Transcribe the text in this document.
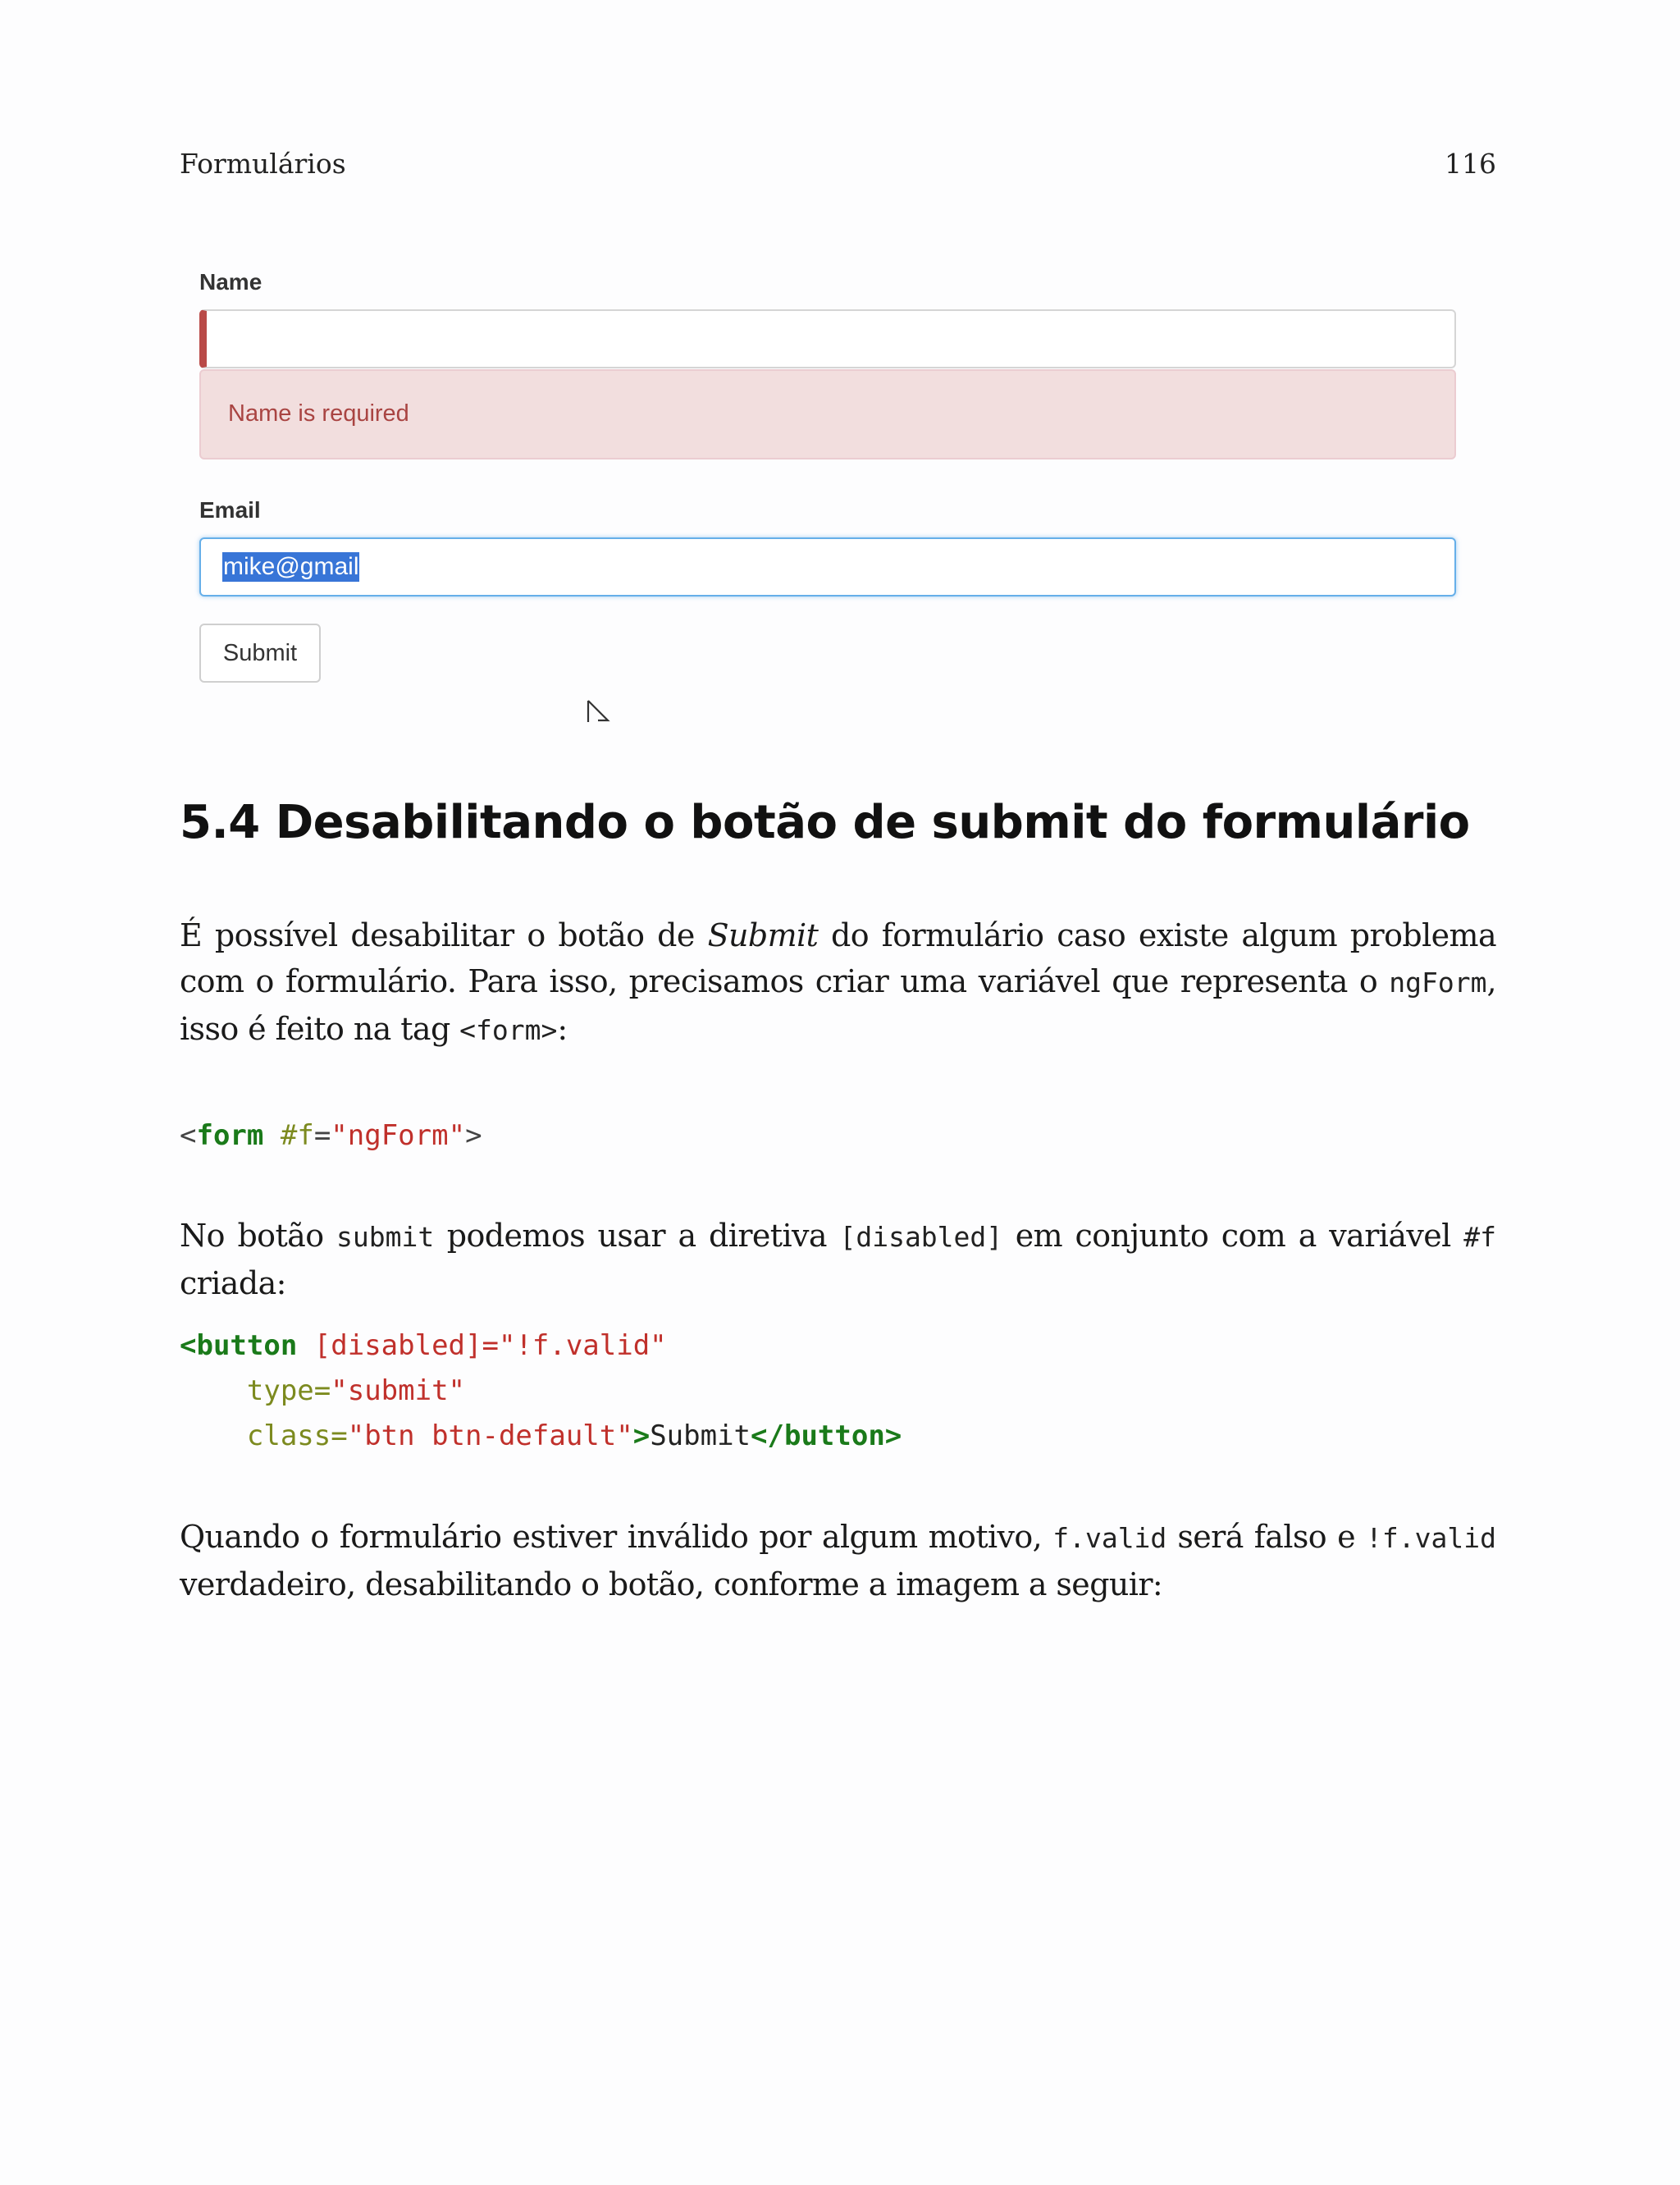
Formulários	116
Name
Name is required
Email
mike@gmail
Submit
5.4 Desabilitando o botão de submit do formulário

É possível desabilitar o botão de Submit do formulário caso existe algum problema com o formulário. Para isso, precisamos criar uma variável que representa o ngForm, isso é feito na tag <form>:

<form #f="ngForm">

No botão submit podemos usar a diretiva [disabled] em conjunto com a variável #f criada:

<button [disabled]="!f.valid"
type="submit"
class="btn btn-default">Submit</button>

Quando o formulário estiver inválido por algum motivo, f.valid será falso e !f.valid verdadeiro, desabilitando o botão, conforme a imagem a seguir:
